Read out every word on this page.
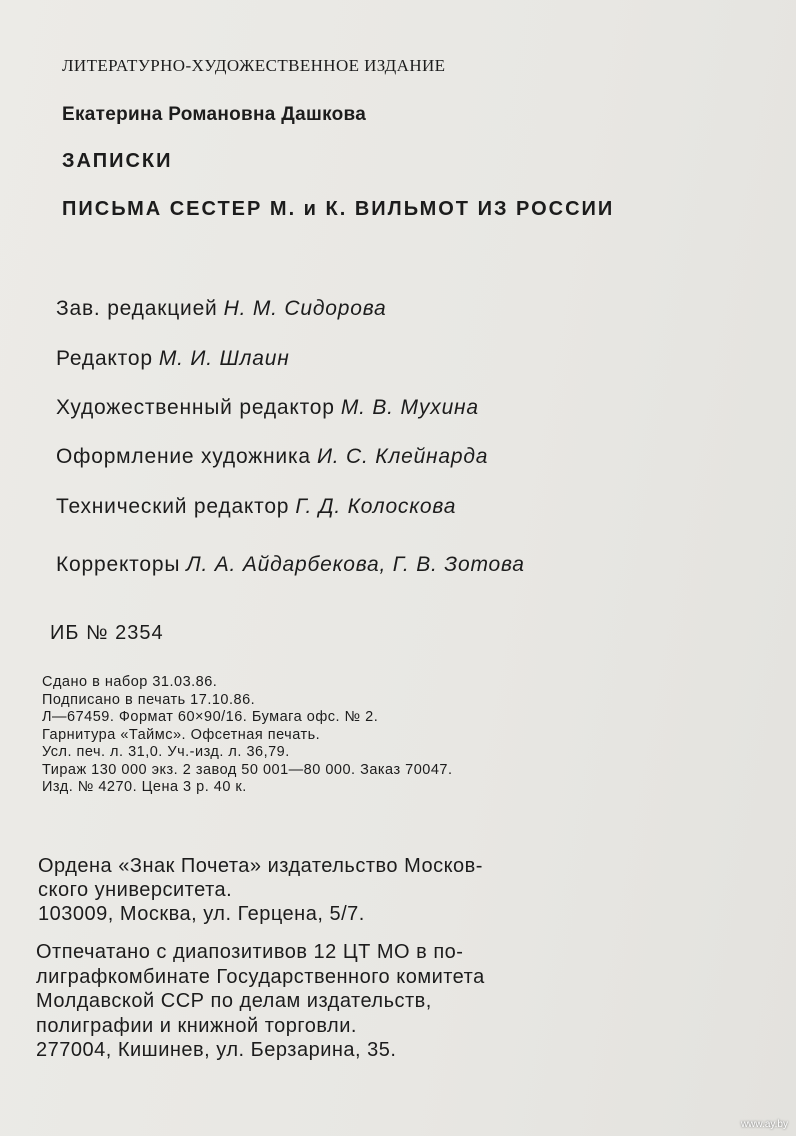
ЛИТЕРАТУРНО-ХУДОЖЕСТВЕННОЕ ИЗДАНИЕ
Екатерина Романовна Дашкова
ЗАПИСКИ
ПИСЬМА СЕСТЕР М. и К. ВИЛЬМОТ ИЗ РОССИИ
Зав. редакцией Н. М. Сидорова
Редактор М. И. Шлаин
Художественный редактор М. В. Мухина
Оформление художника И. С. Клейнарда
Технический редактор Г. Д. Колоскова
Корректоры Л. А. Айдарбекова, Г. В. Зотова
ИБ № 2354
Сдано в набор 31.03.86.
Подписано в печать 17.10.86.
Л—67459. Формат 60×90/16. Бумага офс. № 2.
Гарнитура «Таймс». Офсетная печать.
Усл. печ. л. 31,0. Уч.-изд. л. 36,79.
Тираж 130 000 экз. 2 завод 50 001—80 000. Заказ 70047.
Изд. № 4270. Цена 3 р. 40 к.
Ордена «Знак Почета» издательство Москов-
ского университета.
103009, Москва, ул. Герцена, 5/7.
Отпечатано с диапозитивов 12 ЦТ МО в по-
лиграфкомбинате Государственного комитета
Молдавской ССР по делам издательств,
полиграфии и книжной торговли.
277004, Кишинев, ул. Берзарина, 35.
www.ay.by
